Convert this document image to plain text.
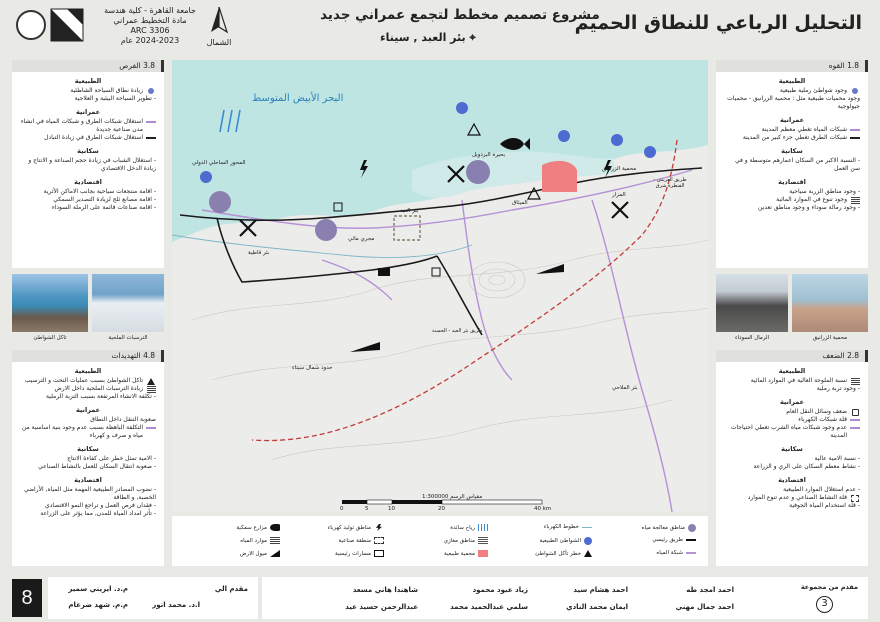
التحليل الرباعي للنطاق الحميم
مشروع تصميم مخطط لتجمع عمراني جديد
⌖ بئر العبد , سيناء
الشمال
جامعة القاهرة - كلية هندسة
مادة التخطيط عمراني
ARC 3306
2024-2023 عام
1.8 القوه
الطبيعية
وجود شواطئ رملية طبيعية
وجود محميات طبيعية مثل : محمية الزرانيق - محميات جيولوجية
عمرانية
شبكات المياه تغطي معظم المدينة
شبكات الطرق تغطي جزء كبير من المدينة
سكانية
- النسبة الاكبر من السكان اعمارهم متوسطة و في سن العمل
اقتصادية
- وجود مناطق الزربة سياحية
وجود تنوع في الموارد المائية
- وجود رمالة سوداء و وجود مناطق تعدين
محمية الزرانيق
الرمال السوداء
2.8 الضعف
الطبيعية
نسبة الملوحة العالية في الموارد المائية
- وجود تربة رملية
عمرانية
ضعف وسائل النقل العام
قلة شبكات الكهرباء
عدم وجود شبكات مياه الشرب تغطي احتياجات المدينة
سكانية
- نسبة الامية عالية
- نشاط معظم السكان على الري و الزراعة
اقتصادية
- عدم استغلال الموارد الطبيعية
قلة النشاط الصناعي و عدم تنوع الموارد
- قلة استخدام المياه الجوفية
3.8 الفرص
الطبيعية
زيادة نطاق السياحة الشاطئية
- تطوير السياحة البيئية و العلاجية
عمرانية
استغلال شبكات الطرق و شبكات المياه في انشاء مدن صناعية جديدة
استغلال شبكات الطرق في زيادة التبادل
سكانية
- استغلال الشباب في زيادة حجم الصناعة و الانتاج و زيادة الدخل الاقتصادي
اقتصادية
- اقامة منتجعات سياحية بجانب الاماكن الأثرية
- اقامة مصانع ثلج لزيادة التصدير السمكي
- اقامة صناعات قائمة على الرملة السوداء
الترسبات الملحية
تاكل الشواطئ
4.8 التهديدات
الطبيعية
تاكل الشواطئ بسبب عمليات النحت و الترسيب
زيادة الترسبات الملحية داخل الارض
- تكلفة الانشاء المرتفعة بسبب التربة الرملية
عمرانية
صعوبة التنقل داخل النطاق
التكلفة الباهظة بسبب عدم وجود بنية اساسية من مياه و صرف و كهرباء
سكانية
- الامية تمثل خطر على كفاءة الانتاج
- صعوبة انتقال السكان للعمل بالنشاط الصناعي
اقتصادية
- نضوب المصادر الطبيعية المهمة مثل المياه, الأراضي الخصبة, و الطاقة
- فقدان فرص العمل و تراجع النمو الاقتصادي
- تأثر امداد المياه للمدن, مما يؤثر على الزراعة
البحر الأبيض المتوسط
بئر العبد
المزار
الميثاق
بحيرة البردويل
محمية الزرانيق
المحور الساحلي الدولي
بئر قاطية
حدود شمال سيناء
بئر الملاحي
مجري مائي
طريق العريش - القنطرة شرق
طريق بئر العبد - الحسنة
مقياس الرسم 1:300000
0	5	10	20	40 km
مناطق معالجة مياه
طريق رئيسي
شبكة المياه
خطوط الكهرباء
الشواطئ الطبيعية
خطر تآكل الشواطئ
رياح سائدة
مناطق مغازي
محمية طبيعية
مناطق توليد كهرباء
منطقة صناعية
مسارات رئيسية
مزارع سمكية
موارد المياه
ميول الارض
8	مقدم الي
ا.د. محمد انور
م.د. ايريني سمير
م.م. شهد ضرغام
مقدم من مجموعة
احمد امجد طه
احمد جمال مهني
احمد هشام سيد
ايمان محمد النادي
زياد عبود محمود
سلمي عبدالحميد محمد
شاهندا هاني مسعد
عبدالرحمن حسيد عيد	3
